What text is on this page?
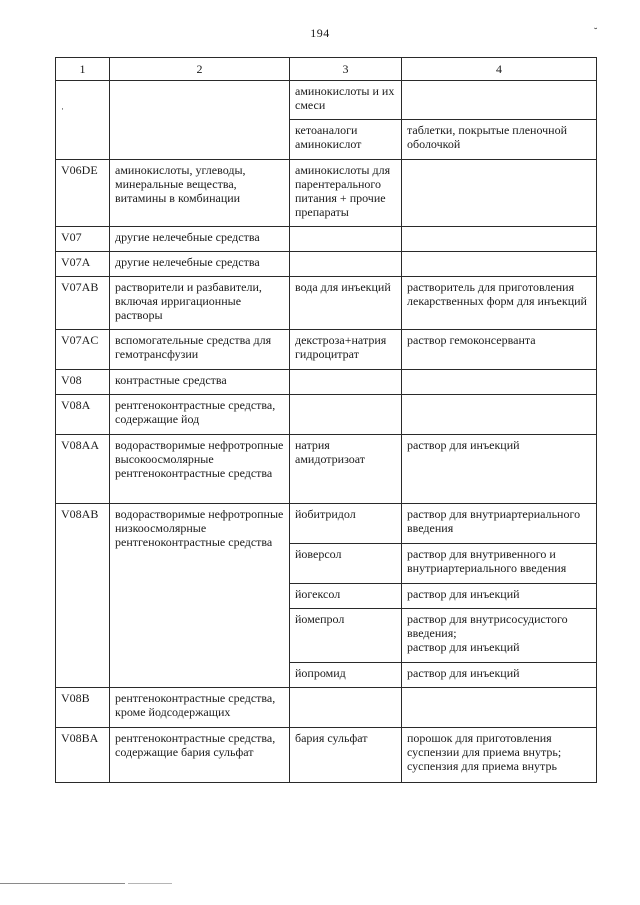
194	˘
1	2	3	4

·		аминокислоты и их смеси	
		кетоаналоги аминокислот	таблетки, покрытые пленочной оболочкой
V06DE	аминокислоты, углеводы, минеральные вещества, витамины в комбинации	аминокислоты для парентерального питания + прочие препараты	
V07	другие нелечебные средства		
V07A	другие нелечебные средства		
V07AB	растворители и разбавители, включая ирригационные растворы	вода для инъекций	растворитель для приготовления лекарственных форм для инъекций
V07AC	вспомогательные средства для гемотрансфузии	декстроза+натрия гидроцитрат	раствор гемоконсерванта
V08	контрастные средства		
V08A	рентгеноконтрастные средства, содержащие йод		
V08AA	водорастворимые нефротропные высокоосмолярные рентгеноконтрастные средства	натрия амидотризоат	раствор для инъекций
V08AB	водорастворимые нефротропные низкоосмолярные рентгеноконтрастные средства	йобитридол	раствор для внутриартериального введения
		йоверсол	раствор для внутривенного и внутриартериального введения
		йогексол	раствор для инъекций
		йомепрол	раствор для внутрисосудистого введения;
раствор для инъекций

		йопромид	раствор для инъекций
V08B	рентгеноконтрастные средства, кроме йодсодержащих		
V08BA	рентгеноконтрастные средства, содержащие бария сульфат	бария сульфат	порошок для приготовления суспензии для приема внутрь;
суспензия для приема внутрь
